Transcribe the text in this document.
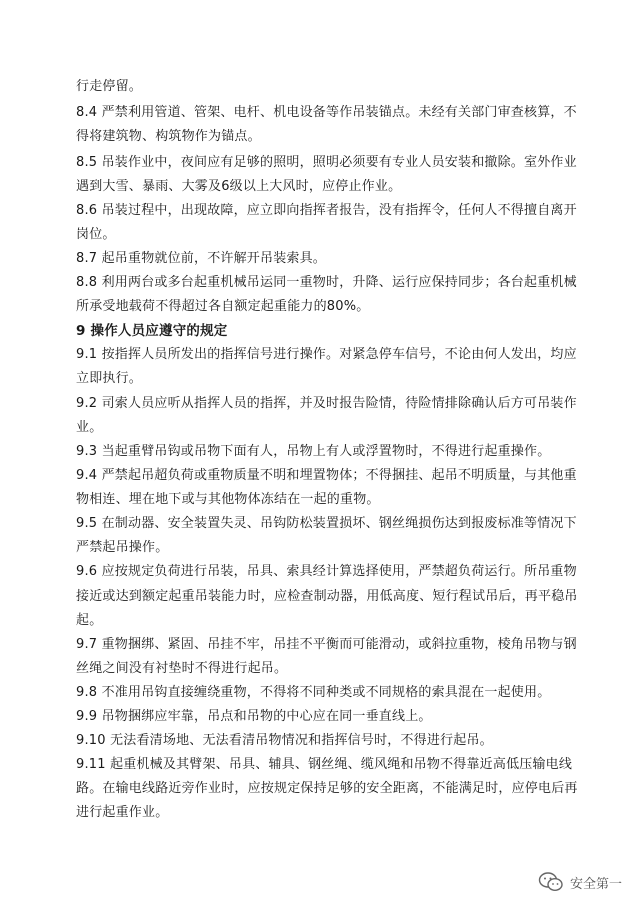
行走停留。
8.4 严禁利用管道、管架、电杆、机电设备等作吊装锚点。未经有关部门审查核算，不
得将建筑物、构筑物作为锚点。
8.5 吊装作业中，夜间应有足够的照明，照明必须要有专业人员安装和撤除。室外作业
遇到大雪、暴雨、大雾及6级以上大风时，应停止作业。
8.6 吊装过程中，出现故障，应立即向指挥者报告，没有指挥令，任何人不得擅自离开
岗位。
8.7 起吊重物就位前，不许解开吊装索具。
8.8 利用两台或多台起重机械吊运同一重物时，升降、运行应保持同步；各台起重机械
所承受地载荷不得超过各自额定起重能力的80%。
9 操作人员应遵守的规定
9.1 按指挥人员所发出的指挥信号进行操作。对紧急停车信号，不论由何人发出，均应
立即执行。
9.2 司索人员应听从指挥人员的指挥，并及时报告险情，待险情排除确认后方可吊装作
业。
9.3 当起重臂吊钩或吊物下面有人，吊物上有人或浮置物时，不得进行起重操作。
9.4 严禁起吊超负荷或重物质量不明和埋置物体；不得捆挂、起吊不明质量，与其他重
物相连、埋在地下或与其他物体冻结在一起的重物。
9.5 在制动器、安全装置失灵、吊钩防松装置损坏、钢丝绳损伤达到报废标准等情况下
严禁起吊操作。
9.6 应按规定负荷进行吊装，吊具、索具经计算选择使用，严禁超负荷运行。所吊重物
接近或达到额定起重吊装能力时，应检查制动器，用低高度、短行程试吊后，再平稳吊
起。
9.7 重物捆绑、紧固、吊挂不牢，吊挂不平衡而可能滑动，或斜拉重物，棱角吊物与钢
丝绳之间没有衬垫时不得进行起吊。
9.8 不准用吊钩直接缠绕重物，不得将不同种类或不同规格的索具混在一起使用。
9.9 吊物捆绑应牢靠，吊点和吊物的中心应在同一垂直线上。
9.10 无法看清场地、无法看清吊物情况和指挥信号时，不得进行起吊。
9.11 起重机械及其臂架、吊具、辅具、钢丝绳、缆风绳和吊物不得靠近高低压输电线
路。在输电线路近旁作业时，应按规定保持足够的安全距离，不能满足时，应停电后再
进行起重作业。
安全第一
